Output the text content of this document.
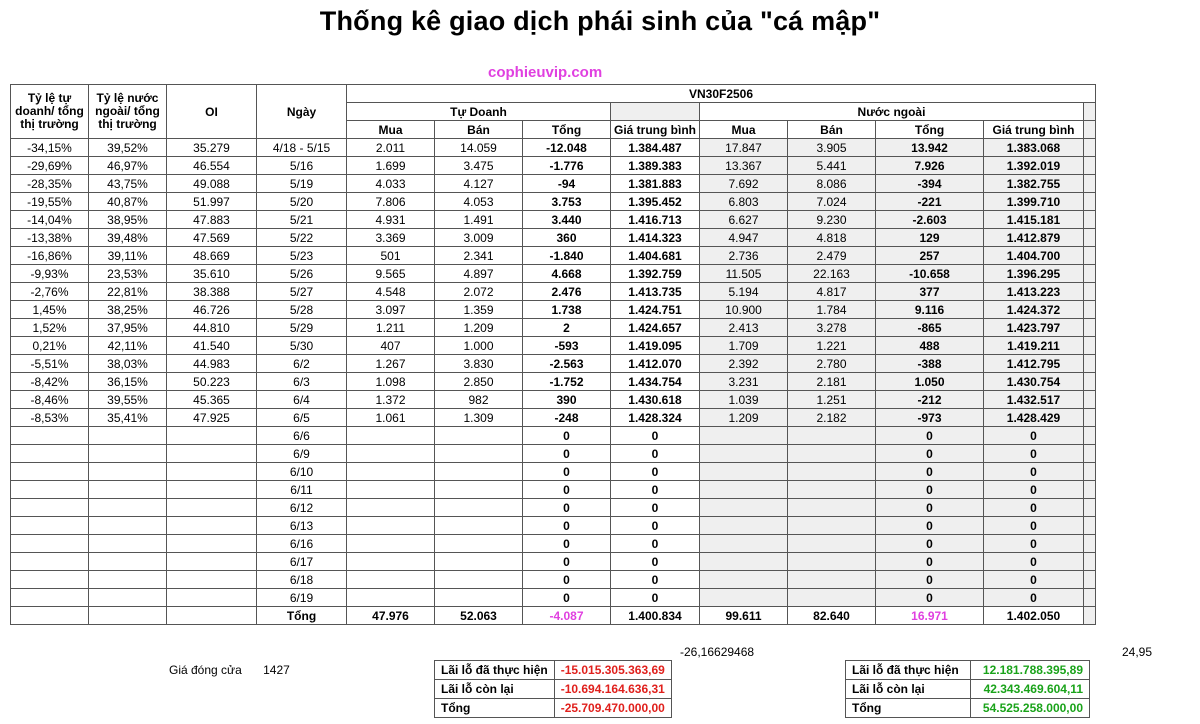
Thống kê giao dịch phái sinh của "cá mập"
cophieuvip.com
Tỷ lệ tự doanh/ tổng thị trường	Tỷ lệ nước ngoài/ tổng thị trường	OI	Ngày	VN30F2506								
				Tự Doanh				Nước ngoài				
				Mua	Bán	Tổng	Giá trung bình	Mua	Bán	Tổng	Giá trung bình	
-34,15%	39,52%	35.279	4/18 - 5/15	2.011	14.059	-12.048	1.384.487	17.847	3.905	13.942	1.383.068	
-29,69%	46,97%	46.554	5/16	1.699	3.475	-1.776	1.389.383	13.367	5.441	7.926	1.392.019	
-28,35%	43,75%	49.088	5/19	4.033	4.127	-94	1.381.883	7.692	8.086	-394	1.382.755	
-19,55%	40,87%	51.997	5/20	7.806	4.053	3.753	1.395.452	6.803	7.024	-221	1.399.710	
-14,04%	38,95%	47.883	5/21	4.931	1.491	3.440	1.416.713	6.627	9.230	-2.603	1.415.181	
-13,38%	39,48%	47.569	5/22	3.369	3.009	360	1.414.323	4.947	4.818	129	1.412.879	
-16,86%	39,11%	48.669	5/23	501	2.341	-1.840	1.404.681	2.736	2.479	257	1.404.700	
-9,93%	23,53%	35.610	5/26	9.565	4.897	4.668	1.392.759	11.505	22.163	-10.658	1.396.295	
-2,76%	22,81%	38.388	5/27	4.548	2.072	2.476	1.413.735	5.194	4.817	377	1.413.223	
1,45%	38,25%	46.726	5/28	3.097	1.359	1.738	1.424.751	10.900	1.784	9.116	1.424.372	
1,52%	37,95%	44.810	5/29	1.211	1.209	2	1.424.657	2.413	3.278	-865	1.423.797	
0,21%	42,11%	41.540	5/30	407	1.000	-593	1.419.095	1.709	1.221	488	1.419.211	
-5,51%	38,03%	44.983	6/2	1.267	3.830	-2.563	1.412.070	2.392	2.780	-388	1.412.795	
-8,42%	36,15%	50.223	6/3	1.098	2.850	-1.752	1.434.754	3.231	2.181	1.050	1.430.754	
-8,46%	39,55%	45.365	6/4	1.372	982	390	1.430.618	1.039	1.251	-212	1.432.517	
-8,53%	35,41%	47.925	6/5	1.061	1.309	-248	1.428.324	1.209	2.182	-973	1.428.429	
			6/6			0	0			0	0	
			6/9			0	0			0	0	
			6/10			0	0			0	0	
			6/11			0	0			0	0	
			6/12			0	0			0	0	
			6/13			0	0			0	0	
			6/16			0	0			0	0	
			6/17			0	0			0	0	
			6/18			0	0			0	0	
			6/19			0	0			0	0	
			Tổng	47.976	52.063	-4.087	1.400.834	99.611	82.640	16.971	1.402.050	
-26,16629468	24,95
Giá đóng cửa 1427	Lãi lỗ đã thực hiện	-15.015.305.363,69
Lãi lỗ còn lại	-10.694.164.636,31
Tổng	-25.709.470.000,00
Lãi lỗ đã thực hiện	12.181.788.395,89
Lãi lỗ còn lại	42.343.469.604,11
Tổng	54.525.258.000,00
